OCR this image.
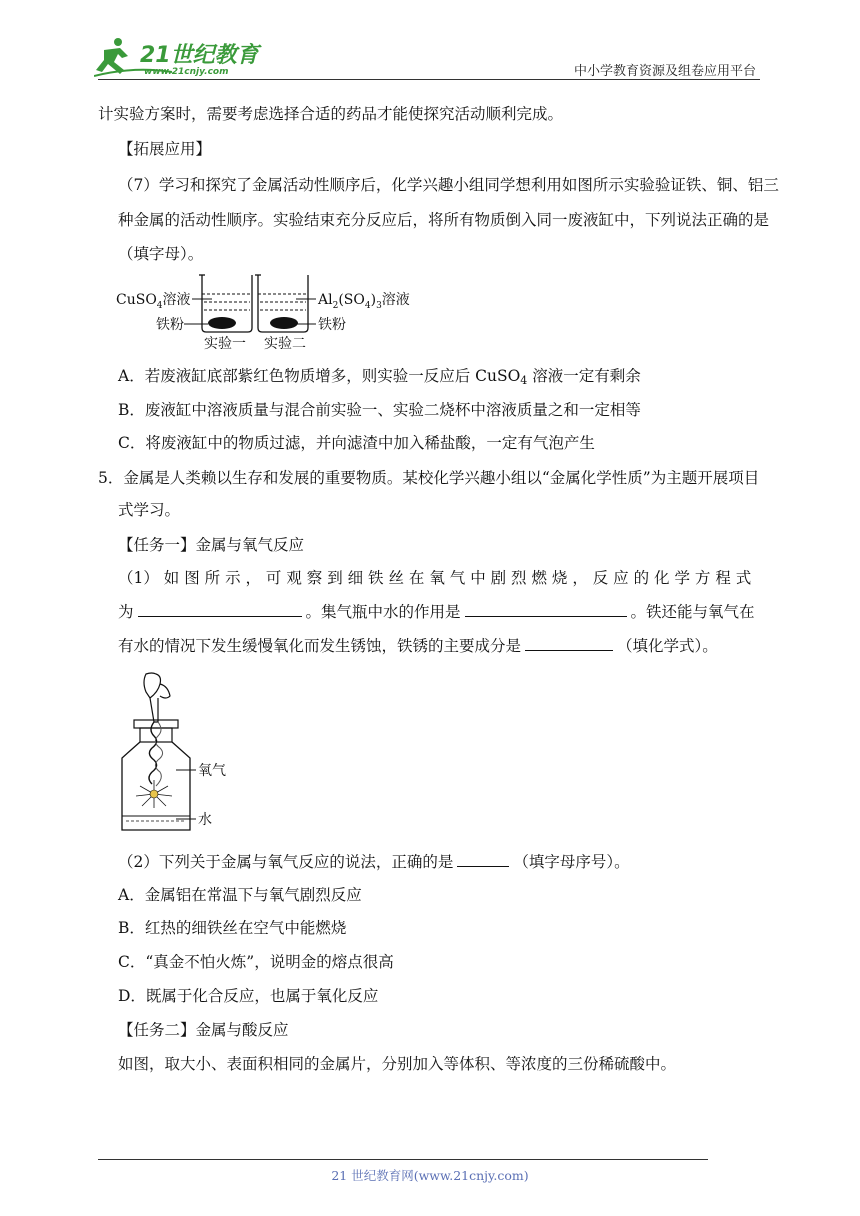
21世纪教育
www.21cnjy.com	中小学教育资源及组卷应用平台
计实验方案时，需要考虑选择合适的药品才能使探究活动顺利完成。
【拓展应用】
（7）学习和探究了金属活动性顺序后，化学兴趣小组同学想利用如图所示实验验证铁、铜、铝三
种金属的活动性顺序。实验结束充分反应后，将所有物质倒入同一废液缸中，下列说法正确的是
（填字母）。
CuSO$_4$溶液
铁粉
$Al_2(SO_4)_3$溶液
铁粉
实验一 实验二
A．若废液缸底部紫红色物质增多，则实验一反应后 CuSO4 溶液一定有剩余
B．废液缸中溶液质量与混合前实验一、实验二烧杯中溶液质量之和一定相等
C．将废液缸中的物质过滤，并向滤渣中加入稀盐酸，一定有气泡产生
5．金属是人类赖以生存和发展的重要物质。某校化学兴趣小组以“金属化学性质”为主题开展项目
式学习。
【任务一】金属与氧气反应
（1） 如 图 所 示 ， 可 观 察 到 细 铁 丝 在 氧 气 中 剧 烈 燃 烧 ， 反 应 的 化 学 方 程 式
为	。集气瓶中水的作用是	。铁还能与氧气在
有水的情况下发生缓慢氧化而发生锈蚀，铁锈的主要成分是	（填化学式）。
氧气
水
（2）下列关于金属与氧气反应的说法，正确的是	（填字母序号）。
A．金属铝在常温下与氧气剧烈反应
B．红热的细铁丝在空气中能燃烧
C．“真金不怕火炼”，说明金的熔点很高
D．既属于化合反应，也属于氧化反应
【任务二】金属与酸反应
如图，取大小、表面积相同的金属片，分别加入等体积、等浓度的三份稀硫酸中。
21 世纪教育网(www.21cnjy.com)
